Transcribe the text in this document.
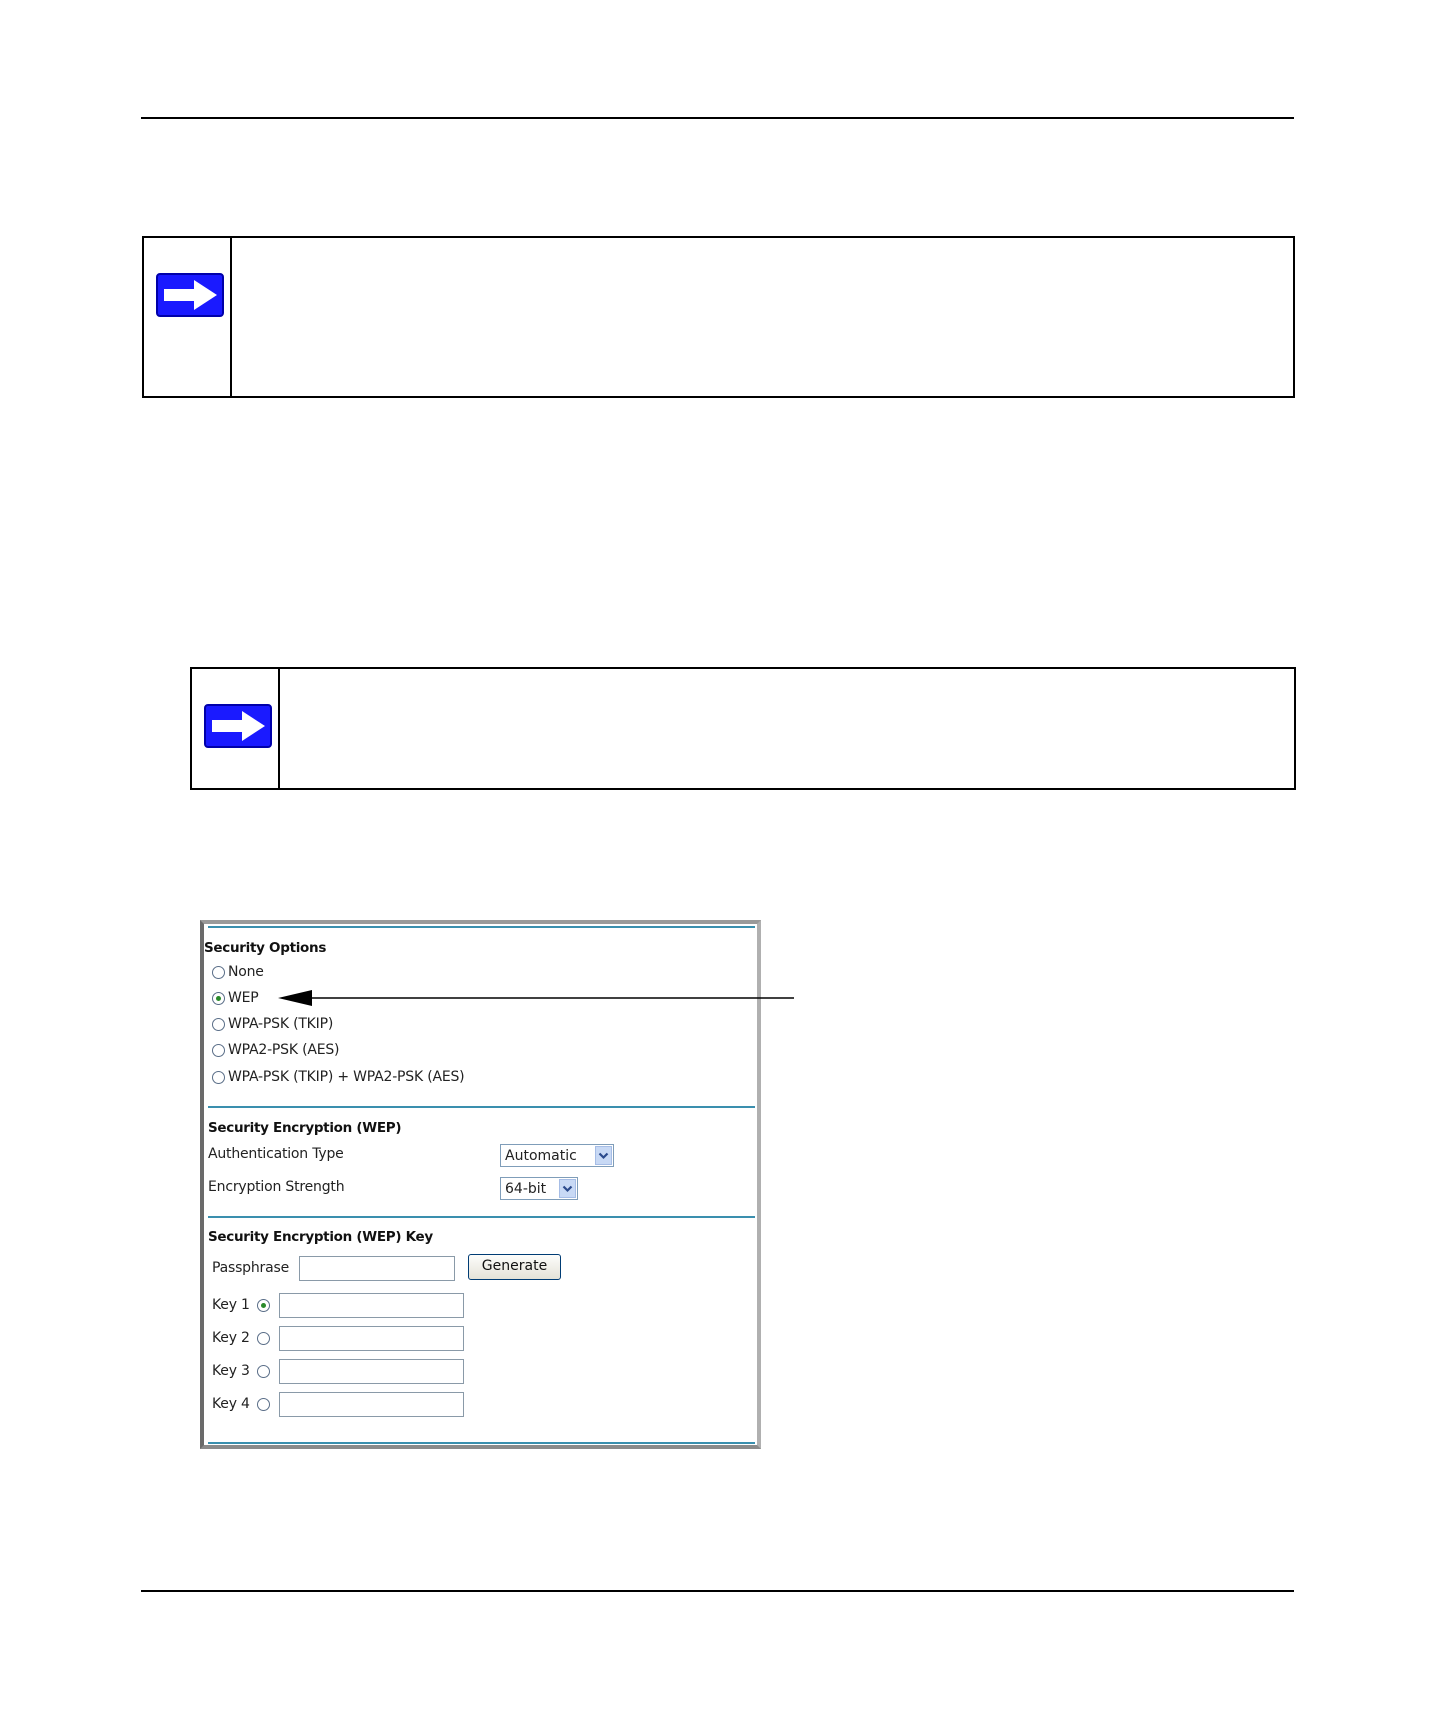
Security Options
None
WEP
WPA-PSK (TKIP)
WPA2-PSK (AES)
WPA-PSK (TKIP) + WPA2-PSK (AES)
Security Encryption (WEP)
Authentication Type	Automatic
Encryption Strength	64-bit
Security Encryption (WEP) Key
Passphrase	Generate
Key 1
Key 2
Key 3
Key 4
